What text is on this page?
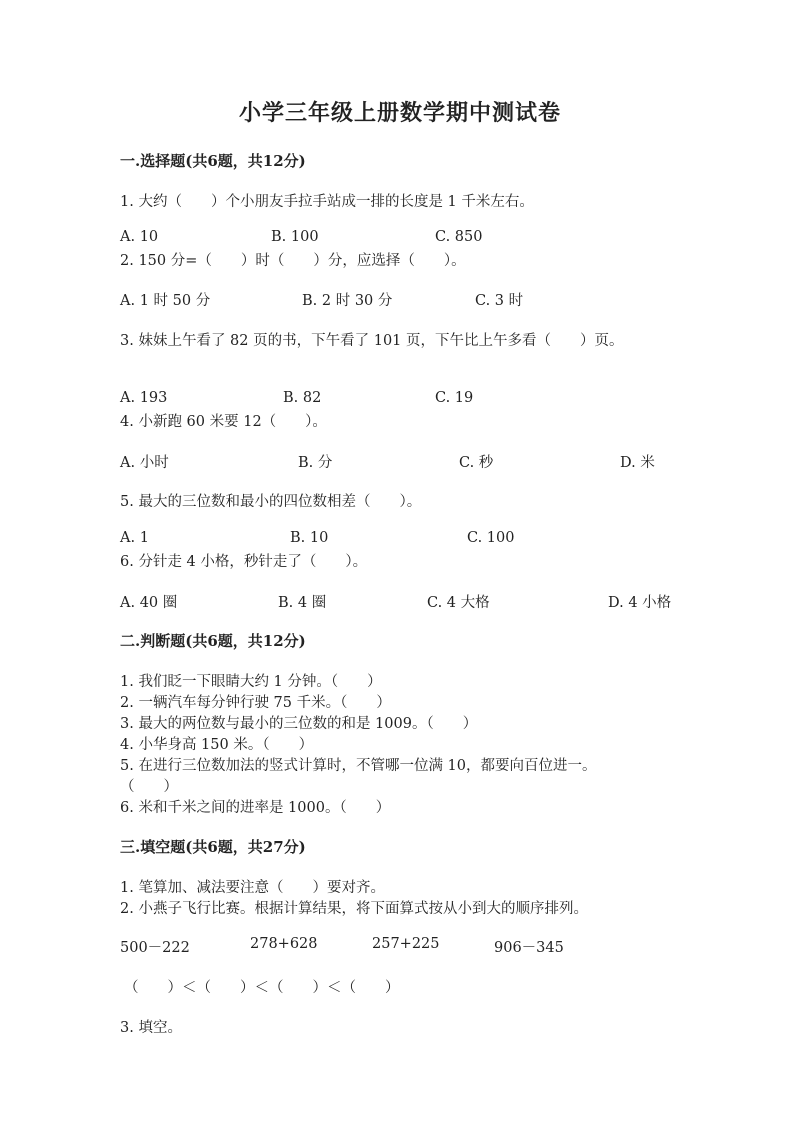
小学三年级上册数学期中测试卷
一.选择题(共6题，共12分)
1. 大约（　　）个小朋友手拉手站成一排的长度是 1 千米左右。
A. 10	B. 100	C. 850
2. 150 分=（　　）时（　　）分，应选择（　　）。
A. 1 时 50 分	B. 2 时 30 分	C. 3 时
3. 妹妹上午看了 82 页的书，下午看了 101 页，下午比上午多看（　　）页。
A. 193	B. 82	C. 19
4. 小新跑 60 米要 12（　　）。
A. 小时	B. 分	C. 秒	D. 米
5. 最大的三位数和最小的四位数相差（　　）。
A. 1	B. 10	C. 100
6. 分针走 4 小格，秒针走了（　　）。
A. 40 圈	B. 4 圈	C. 4 大格	D. 4 小格
二.判断题(共6题，共12分)
1. 我们眨一下眼睛大约 1 分钟。（　　）
2. 一辆汽车每分钟行驶 75 千米。（　　）
3. 最大的两位数与最小的三位数的和是 1009。（　　）
4. 小华身高 150 米。（　　）
5. 在进行三位数加法的竖式计算时，不管哪一位满 10，都要向百位进一。
（　　）
6. 米和千米之间的进率是 1000。（　　）
三.填空题(共6题，共27分)
1. 笔算加、减法要注意（　　）要对齐。
2. 小燕子飞行比赛。根据计算结果，将下面算式按从小到大的顺序排列。
500－222	278+628	257+225	906－345
（　　）＜（　　）＜（　　）＜（　　）
3. 填空。
